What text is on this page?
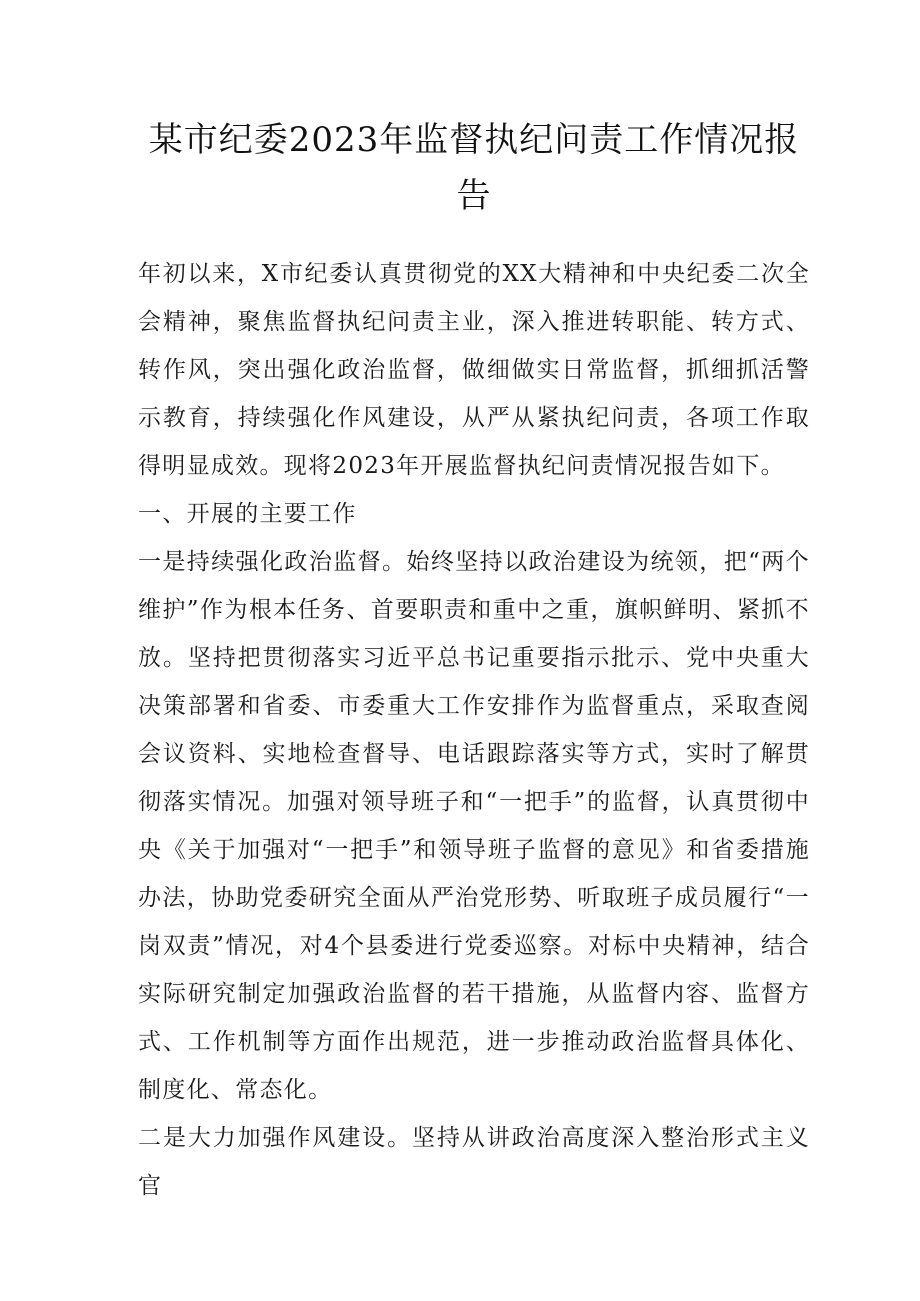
某市纪委2023年监督执纪问责工作情况报告

年初以来，X市纪委认真贯彻党的XX大精神和中央纪委二次全会精神，聚焦监督执纪问责主业，深入推进转职能、转方式、转作风，突出强化政治监督，做细做实日常监督，抓细抓活警示教育，持续强化作风建设，从严从紧执纪问责，各项工作取得明显成效。现将2023年开展监督执纪问责情况报告如下。

一、开展的主要工作

一是持续强化政治监督。始终坚持以政治建设为统领，把“两个维护”作为根本任务、首要职责和重中之重，旗帜鲜明、紧抓不放。坚持把贯彻落实习近平总书记重要指示批示、党中央重大决策部署和省委、市委重大工作安排作为监督重点，采取查阅会议资料、实地检查督导、电话跟踪落实等方式，实时了解贯彻落实情况。加强对领导班子和“一把手”的监督，认真贯彻中央《关于加强对“一把手”和领导班子监督的意见》和省委措施办法，协助党委研究全面从严治党形势、听取班子成员履行“一岗双责”情况，对4个县委进行党委巡察。对标中央精神，结合实际研究制定加强政治监督的若干措施，从监督内容、监督方式、工作机制等方面作出规范，进一步推动政治监督具体化、制度化、常态化。

二是大力加强作风建设。坚持从讲政治高度深入整治形式主义官
